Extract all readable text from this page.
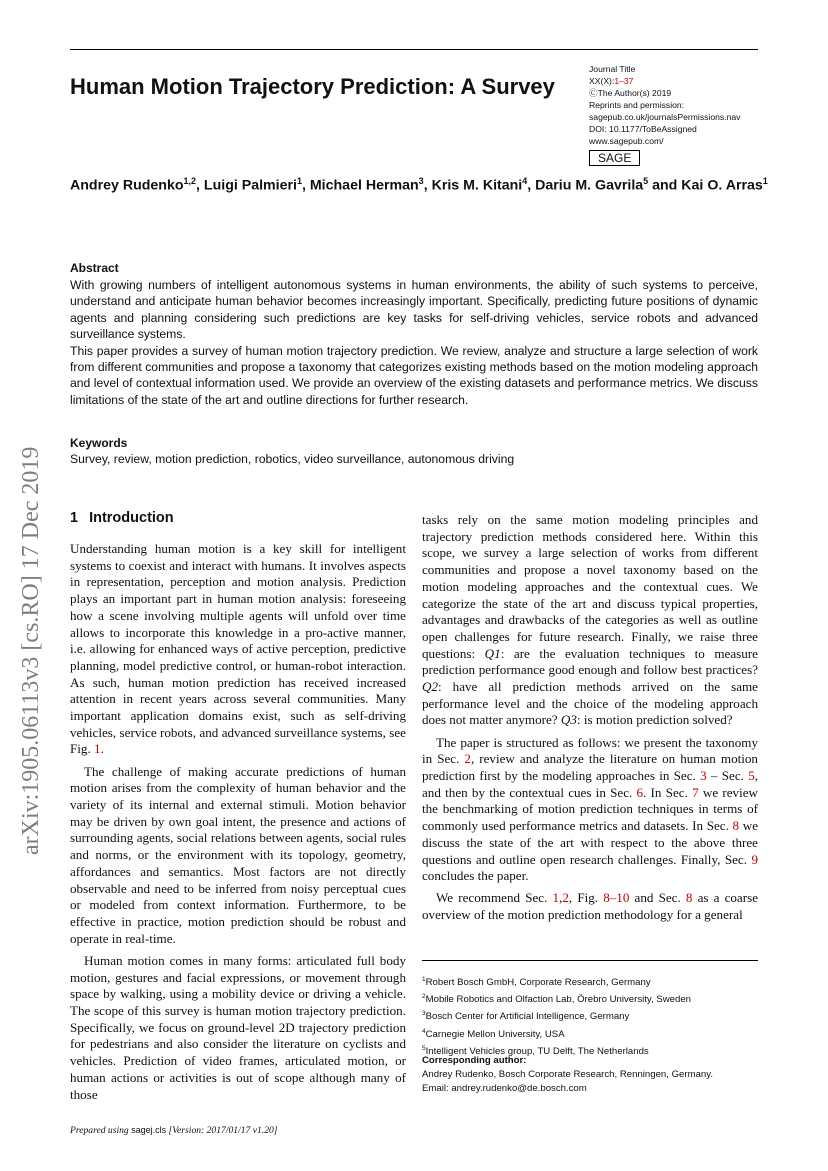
Human Motion Trajectory Prediction: A Survey
Journal Title
XX(X):1–37
ⒸThe Author(s) 2019
Reprints and permission:
sagepub.co.uk/journalsPermissions.nav
DOI: 10.1177/ToBeAssigned
www.sagepub.com/
SAGE
Andrey Rudenko$^{1,2}$, Luigi Palmieri$^1$, Michael Herman$^3$, Kris M. Kitani$^4$, Dariu M. Gavrila$^5$ and Kai O. Arras$^1$
Abstract

With growing numbers of intelligent autonomous systems in human environments, the ability of such systems to perceive, understand and anticipate human behavior becomes increasingly important. Specifically, predicting future positions of dynamic agents and planning considering such predictions are key tasks for self-driving vehicles, service robots and advanced surveillance systems.

This paper provides a survey of human motion trajectory prediction. We review, analyze and structure a large selection of work from different communities and propose a taxonomy that categorizes existing methods based on the motion modeling approach and level of contextual information used. We provide an overview of the existing datasets and performance metrics. We discuss limitations of the state of the art and outline directions for further research.

Keywords
Survey, review, motion prediction, robotics, video surveillance, autonomous driving
arXiv:1905.06113v3 [cs.RO] 17 Dec 2019 1 Introduction

Understanding human motion is a key skill for intelligent systems to coexist and interact with humans. It involves aspects in representation, perception and motion analysis. Prediction plays an important part in human motion analysis: foreseeing how a scene involving multiple agents will unfold over time allows to incorporate this knowledge in a pro-active manner, i.e. allowing for enhanced ways of active perception, predictive planning, model predictive control, or human-robot interaction. As such, human motion prediction has received increased attention in recent years across several communities. Many important application domains exist, such as self-driving vehicles, service robots, and advanced surveillance systems, see Fig. 1.

The challenge of making accurate predictions of human motion arises from the complexity of human behavior and the variety of its internal and external stimuli. Motion behavior may be driven by own goal intent, the presence and actions of surrounding agents, social relations between agents, social rules and norms, or the environment with its topology, geometry, affordances and semantics. Most factors are not directly observable and need to be inferred from noisy perceptual cues or modeled from context information. Furthermore, to be effective in practice, motion prediction should be robust and operate in real-time.

Human motion comes in many forms: articulated full body motion, gestures and facial expressions, or movement through space by walking, using a mobility device or driving a vehicle. The scope of this survey is human motion trajectory prediction. Specifically, we focus on ground-level 2D trajectory prediction for pedestrians and also consider the literature on cyclists and vehicles. Prediction of video frames, articulated motion, or human actions or activities is out of scope although many of those

tasks rely on the same motion modeling principles and trajectory prediction methods considered here. Within this scope, we survey a large selection of works from different communities and propose a novel taxonomy based on the motion modeling approaches and the contextual cues. We categorize the state of the art and discuss typical properties, advantages and drawbacks of the categories as well as outline open challenges for future research. Finally, we raise three questions: Q1: are the evaluation techniques to measure prediction performance good enough and follow best practices? Q2: have all prediction methods arrived on the same performance level and the choice of the modeling approach does not matter anymore? Q3: is motion prediction solved?

The paper is structured as follows: we present the taxonomy in Sec. 2, review and analyze the literature on human motion prediction first by the modeling approaches in Sec. 3 – Sec. 5, and then by the contextual cues in Sec. 6. In Sec. 7 we review the benchmarking of motion prediction techniques in terms of commonly used performance metrics and datasets. In Sec. 8 we discuss the state of the art with respect to the above three questions and outline open research challenges. Finally, Sec. 9 concludes the paper.

We recommend Sec. 1,2, Fig. 8–10 and Sec. 8 as a coarse overview of the motion prediction methodology for a general

$^1$Robert Bosch GmbH, Corporate Research, Germany
$^2$Mobile Robotics and Olfaction Lab, Örebro University, Sweden
$^3$Bosch Center for Artificial Intelligence, Germany
$^4$Carnegie Mellon University, USA
$^5$Intelligent Vehicles group, TU Delft, The Netherlands
Corresponding author:
Andrey Rudenko, Bosch Corporate Research, Renningen, Germany.
Email: andrey.rudenko@de.bosch.com
Prepared using sagej.cls [Version: 2017/01/17 v1.20]
